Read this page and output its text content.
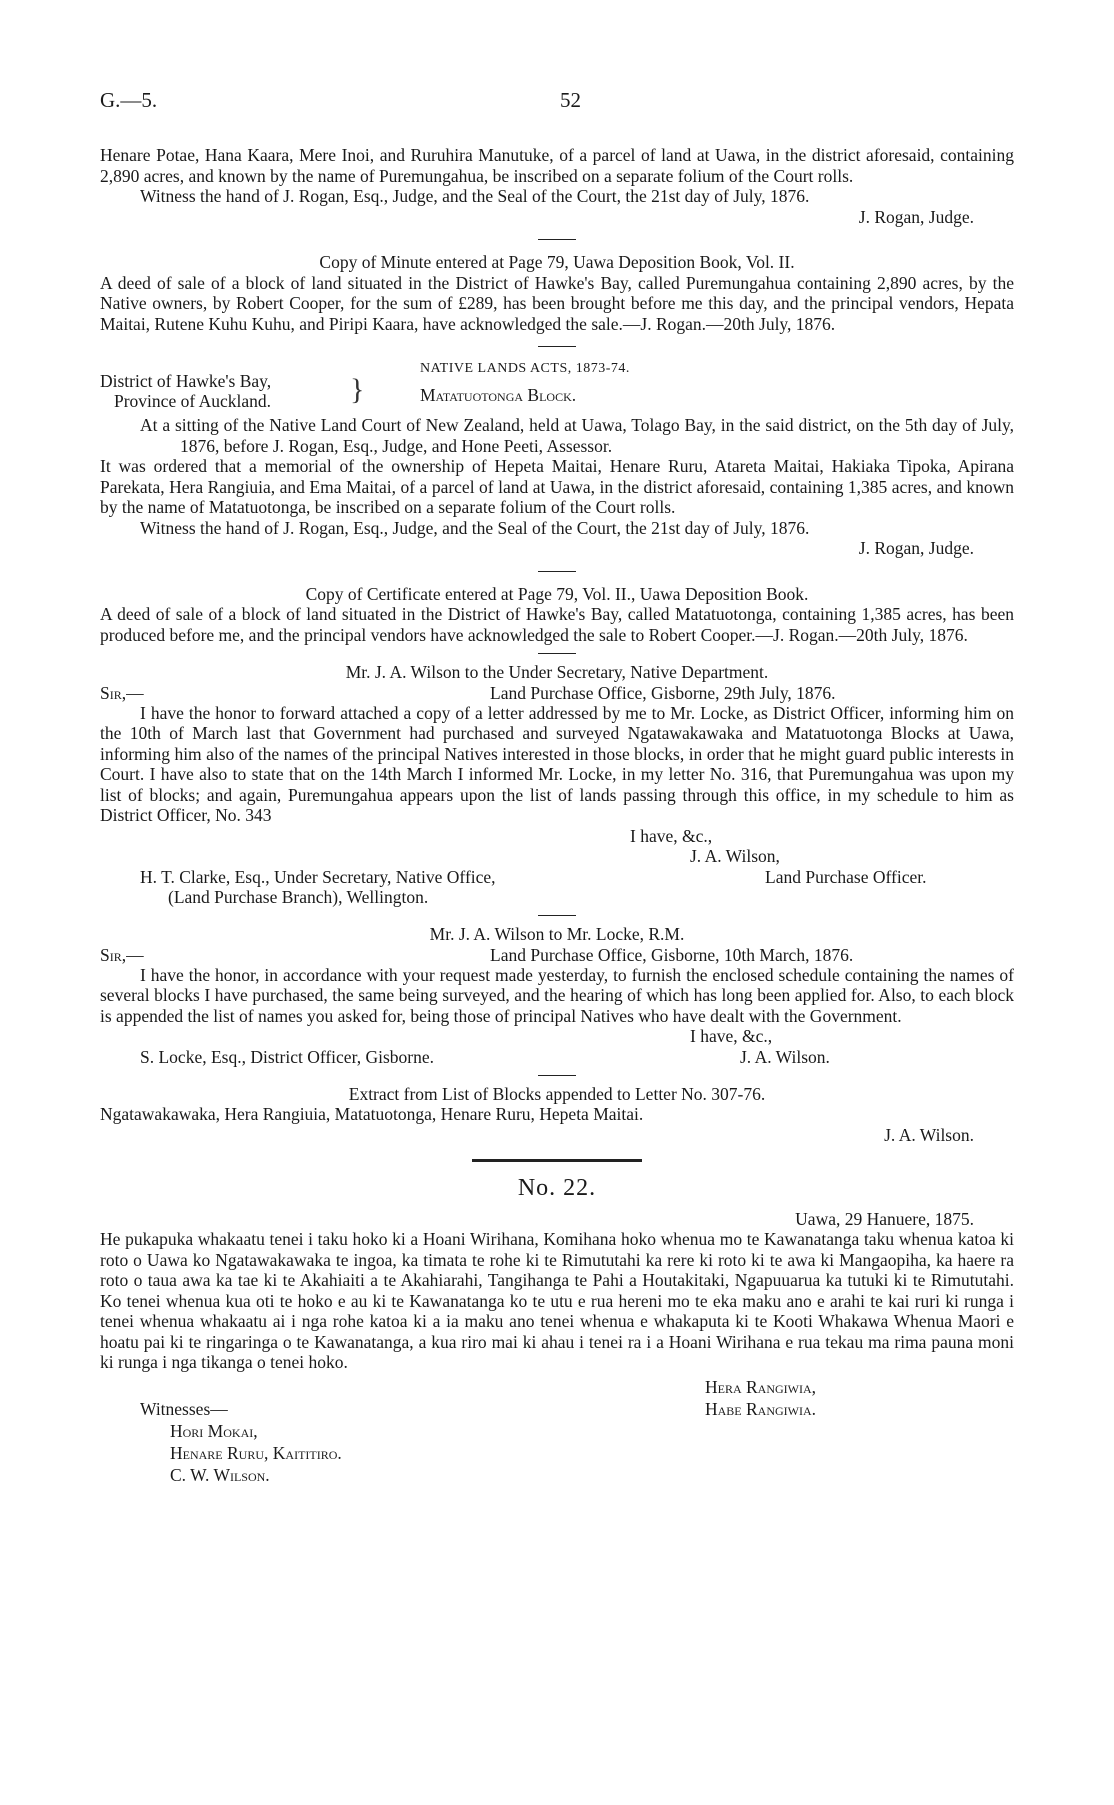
G.—5.	52

Henare Potae, Hana Kaara, Mere Inoi, and Ruruhira Manutuke, of a parcel of land at Uawa, in the district aforesaid, containing 2,890 acres, and known by the name of Puremungahua, be inscribed on a separate folium of the Court rolls.

Witness the hand of J. Rogan, Esq., Judge, and the Seal of the Court, the 21st day of July, 1876.

J. Rogan, Judge.

Copy of Minute entered at Page 79, Uawa Deposition Book, Vol. II.

A deed of sale of a block of land situated in the District of Hawke's Bay, called Puremungahua containing 2,890 acres, by the Native owners, by Robert Cooper, for the sum of £289, has been brought before me this day, and the principal vendors, Hepata Maitai, Rutene Kuhu Kuhu, and Piripi Kaara, have acknowledged the sale.—J. Rogan.—20th July, 1876.

District of Hawke's Bay,
Province of Auckland.	}
NATIVE LANDS ACTS, 1873-74.
Matatuotonga Block.

At a sitting of the Native Land Court of New Zealand, held at Uawa, Tolago Bay, in the said district, on the 5th day of July, 1876, before J. Rogan, Esq., Judge, and Hone Peeti, Assessor.

It was ordered that a memorial of the ownership of Hepeta Maitai, Henare Ruru, Atareta Maitai, Hakiaka Tipoka, Apirana Parekata, Hera Rangiuia, and Ema Maitai, of a parcel of land at Uawa, in the district aforesaid, containing 1,385 acres, and known by the name of Matatuotonga, be inscribed on a separate folium of the Court rolls.

Witness the hand of J. Rogan, Esq., Judge, and the Seal of the Court, the 21st day of July, 1876.

J. Rogan, Judge.

Copy of Certificate entered at Page 79, Vol. II., Uawa Deposition Book.

A deed of sale of a block of land situated in the District of Hawke's Bay, called Matatuotonga, containing 1,385 acres, has been produced before me, and the principal vendors have acknowledged the sale to Robert Cooper.—J. Rogan.—20th July, 1876.

Mr. J. A. Wilson to the Under Secretary, Native Department.

Sir,—	Land Purchase Office, Gisborne, 29th July, 1876.

I have the honor to forward attached a copy of a letter addressed by me to Mr. Locke, as District Officer, informing him on the 10th of March last that Government had purchased and surveyed Ngatawakawaka and Matatuotonga Blocks at Uawa, informing him also of the names of the principal Natives interested in those blocks, in order that he might guard public interests in Court. I have also to state that on the 14th March I informed Mr. Locke, in my letter No. 316, that Puremungahua was upon my list of blocks; and again, Puremungahua appears upon the list of lands passing through this office, in my schedule to him as District Officer, No. 343

I have, &c.,

J. A. Wilson,

H. T. Clarke, Esq., Under Secretary, Native Office,	Land Purchase Officer.

(Land Purchase Branch), Wellington.

Mr. J. A. Wilson to Mr. Locke, R.M.

Sir,—	Land Purchase Office, Gisborne, 10th March, 1876.

I have the honor, in accordance with your request made yesterday, to furnish the enclosed schedule containing the names of several blocks I have purchased, the same being surveyed, and the hearing of which has long been applied for. Also, to each block is appended the list of names you asked for, being those of principal Natives who have dealt with the Government.

I have, &c.,

S. Locke, Esq., District Officer, Gisborne.	J. A. Wilson.

Extract from List of Blocks appended to Letter No. 307-76.

Ngatawakawaka, Hera Rangiuia, Matatuotonga, Henare Ruru, Hepeta Maitai.

J. A. Wilson.

No. 22.

Uawa, 29 Hanuere, 1875.

He pukapuka whakaatu tenei i taku hoko ki a Hoani Wirihana, Komihana hoko whenua mo te Kawanatanga taku whenua katoa ki roto o Uawa ko Ngatawakawaka te ingoa, ka timata te rohe ki te Rimututahi ka rere ki roto ki te awa ki Mangaopiha, ka haere ra roto o taua awa ka tae ki te Akahiaiti a te Akahiarahi, Tangihanga te Pahi a Houtakitaki, Ngapuuarua ka tutuki ki te Rimututahi. Ko tenei whenua kua oti te hoko e au ki te Kawanatanga ko te utu e rua hereni mo te eka maku ano e arahi te kai ruri ki runga i tenei whenua whakaatu ai i nga rohe katoa ki a ia maku ano tenei whenua e whakaputa ki te Kooti Whakawa Whenua Maori e hoatu pai ki te ringaringa o te Kawanatanga, a kua riro mai ki ahau i tenei ra i a Hoani Wirihana e rua tekau ma rima pauna moni ki runga i nga tikanga o tenei hoko.

Hera Rangiwia,
Witnesses—	Habe Rangiwia.
Hori Mokai,
Henare Ruru, Kaititiro.
C. W. Wilson.
